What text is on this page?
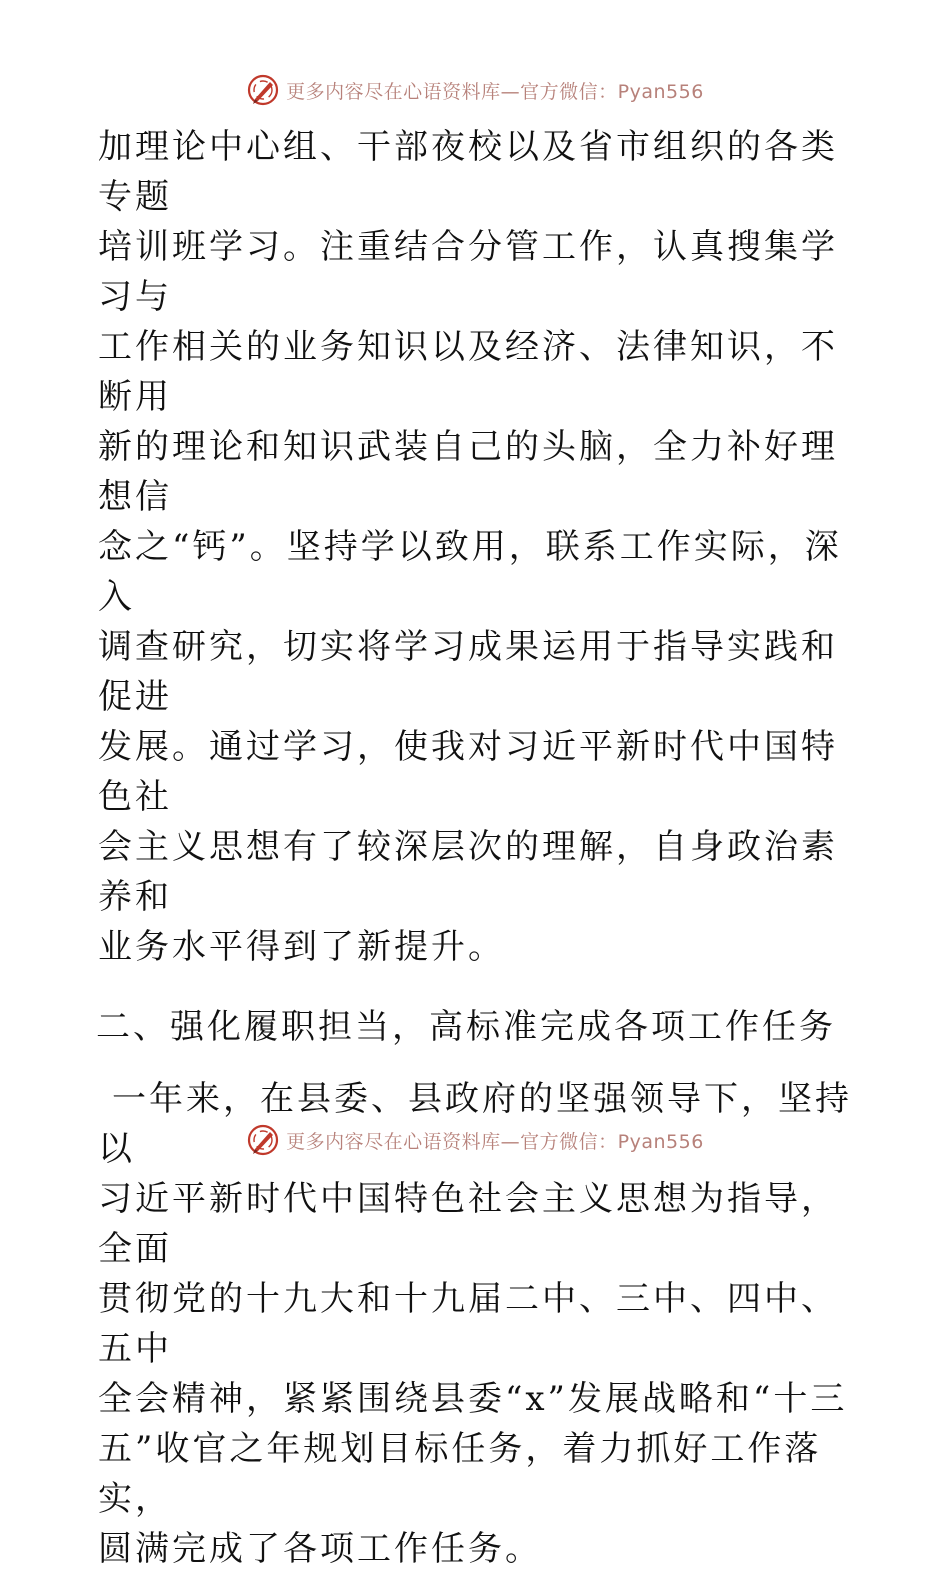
更多内容尽在心语资料库—官方微信：Pyan556

加理论中心组、干部夜校以及省市组织的各类专题

培训班学习。注重结合分管工作，认真搜集学习与

工作相关的业务知识以及经济、法律知识，不断用

新的理论和知识武装自己的头脑，全力补好理想信

念之“钙”。坚持学以致用，联系工作实际，深入

调查研究，切实将学习成果运用于指导实践和促进

发展。通过学习，使我对习近平新时代中国特色社

会主义思想有了较深层次的理解，自身政治素养和

业务水平得到了新提升。

二、强化履职担当，高标准完成各项工作任务

一年来，在县委、县政府的坚强领导下，坚持以

习近平新时代中国特色社会主义思想为指导，全面

贯彻党的十九大和十九届二中、三中、四中、五中

全会精神，紧紧围绕县委“x”发展战略和“十三

五”收官之年规划目标任务，着力抓好工作落实，

圆满完成了各项工作任务。

更多内容尽在心语资料库—官方微信：Pyan556
